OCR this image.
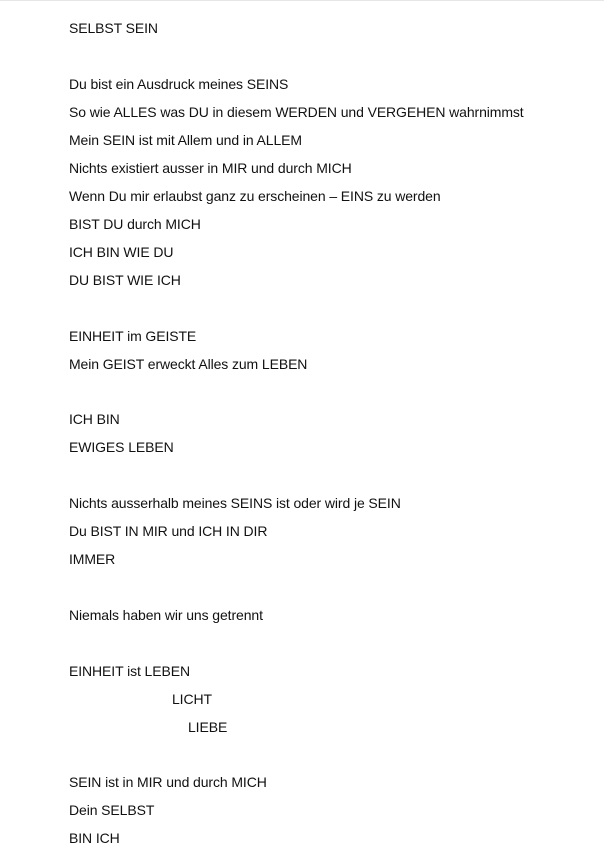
SELBST SEIN
Du bist ein Ausdruck meines SEINS
So wie ALLES was DU in diesem WERDEN und VERGEHEN wahrnimmst
Mein SEIN ist mit Allem und in ALLEM
Nichts existiert ausser in MIR und durch MICH
Wenn Du mir erlaubst ganz zu erscheinen – EINS zu werden
BIST DU durch MICH
ICH BIN WIE DU
DU BIST WIE ICH
EINHEIT im GEISTE
Mein GEIST erweckt Alles zum LEBEN
ICH BIN
EWIGES LEBEN
Nichts ausserhalb meines SEINS ist oder wird je SEIN
Du BIST IN MIR und ICH IN DIR
IMMER
Niemals haben wir uns getrennt
EINHEIT ist LEBEN
LICHT
LIEBE
SEIN ist in MIR und durch MICH
Dein SELBST
BIN ICH
